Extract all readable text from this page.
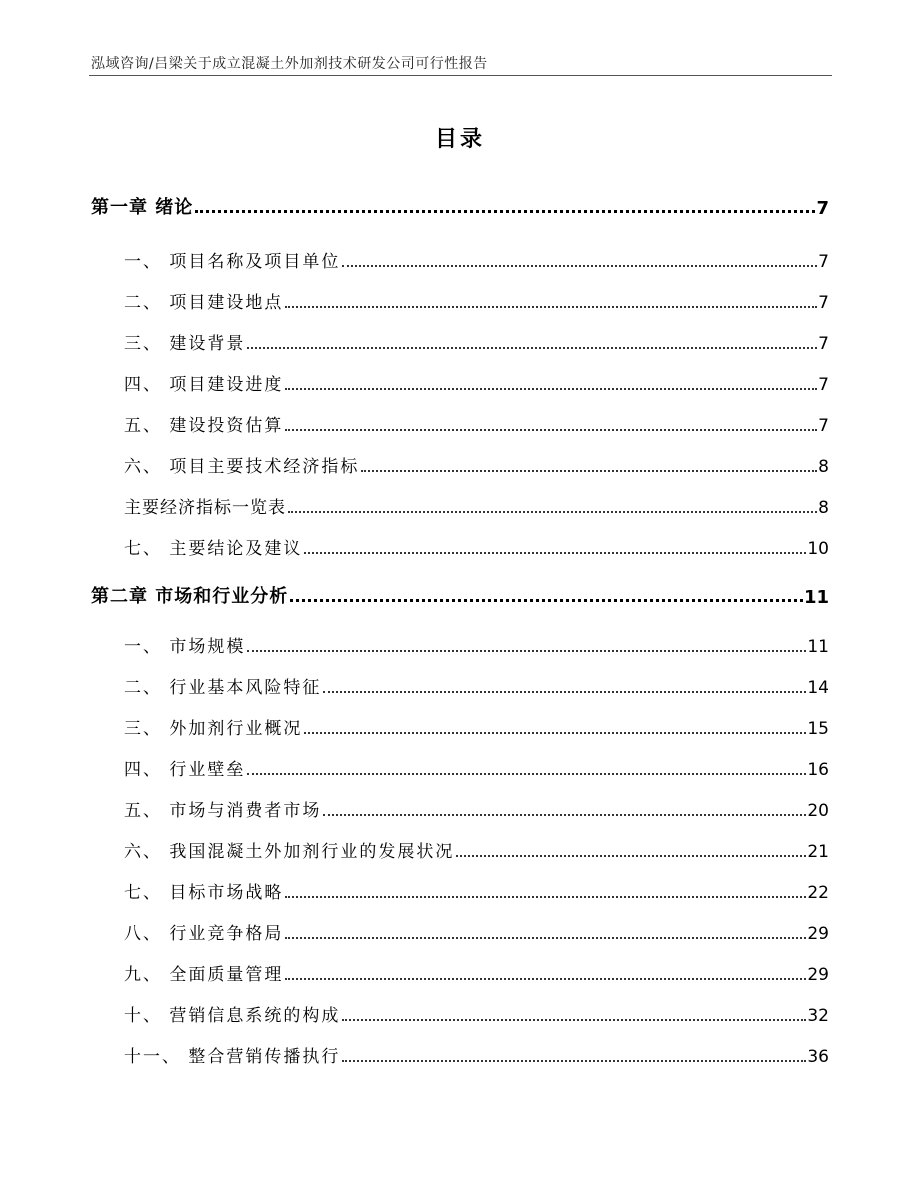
泓域咨询/吕梁关于成立混凝土外加剂技术研发公司可行性报告
目录
第一章 绪论	7
一、 项目名称及项目单位	7
二、 项目建设地点	7
三、 建设背景	7
四、 项目建设进度	7
五、 建设投资估算	7
六、 项目主要技术经济指标	8
主要经济指标一览表	8
七、 主要结论及建议	10
第二章 市场和行业分析	11
一、 市场规模	11
二、 行业基本风险特征	14
三、 外加剂行业概况	15
四、 行业壁垒	16
五、 市场与消费者市场	20
六、 我国混凝土外加剂行业的发展状况	21
七、 目标市场战略	22
八、 行业竞争格局	29
九、 全面质量管理	29
十、 营销信息系统的构成	32
十一、 整合营销传播执行	36
